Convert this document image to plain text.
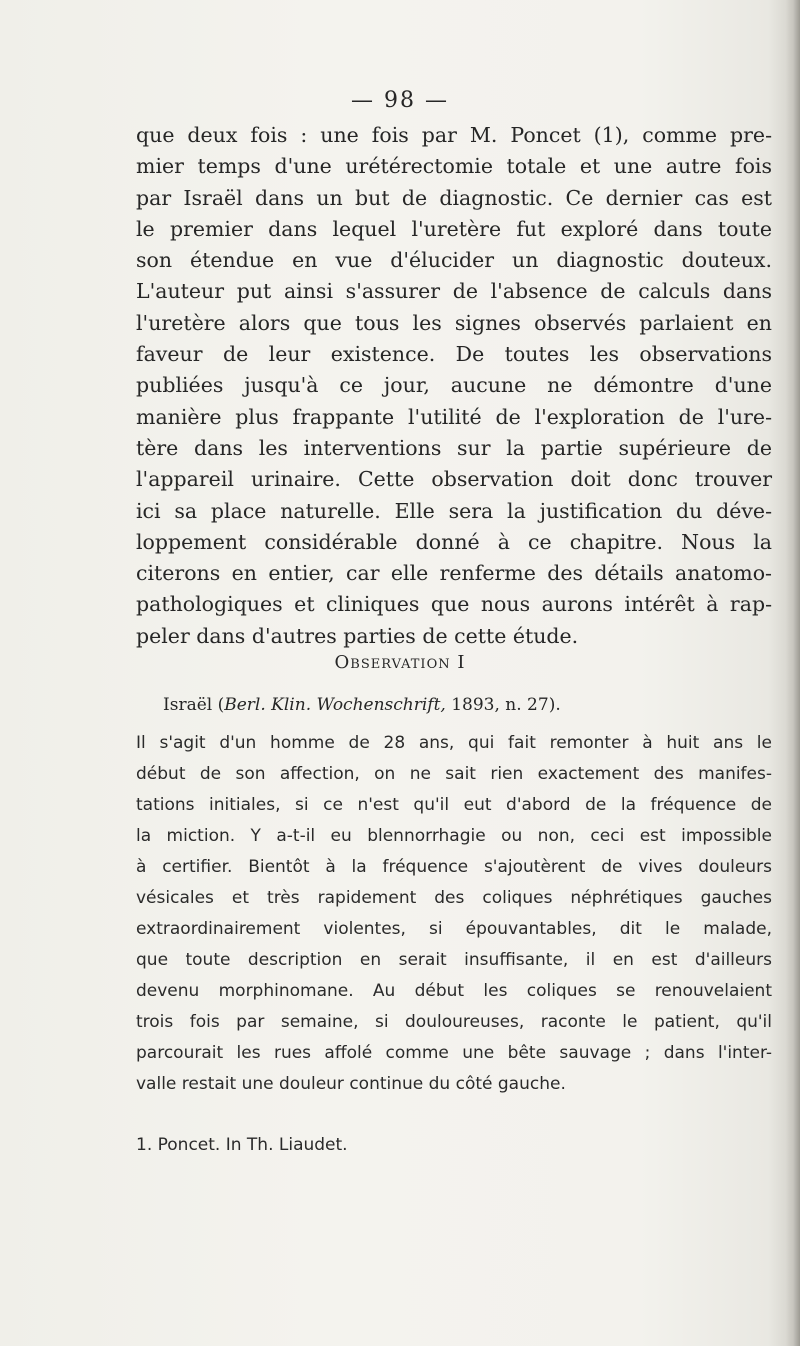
— 98 —
que deux fois : une fois par M. Poncet (1), comme pre-
mier temps d'une urétérectomie totale et une autre fois
par Israël dans un but de diagnostic. Ce dernier cas est
le premier dans lequel l'uretère fut exploré dans toute
son étendue en vue d'élucider un diagnostic douteux.
L'auteur put ainsi s'assurer de l'absence de calculs dans
l'uretère alors que tous les signes observés parlaient en
faveur de leur existence. De toutes les observations
publiées jusqu'à ce jour, aucune ne démontre d'une
manière plus frappante l'utilité de l'exploration de l'ure-
tère dans les interventions sur la partie supérieure de
l'appareil urinaire. Cette observation doit donc trouver
ici sa place naturelle. Elle sera la justification du déve-
loppement considérable donné à ce chapitre. Nous la
citerons en entier, car elle renferme des détails anatomo-
pathologiques et cliniques que nous aurons intérêt à rap-
peler dans d'autres parties de cette étude.
Observation I
Israël (Berl. Klin. Wochenschrift, 1893, n. 27).
Il s'agit d'un homme de 28 ans, qui fait remonter à huit ans le
début de son affection, on ne sait rien exactement des manifes-
tations initiales, si ce n'est qu'il eut d'abord de la fréquence de
la miction. Y a-t-il eu blennorrhagie ou non, ceci est impossible
à certifier. Bientôt à la fréquence s'ajoutèrent de vives douleurs
vésicales et très rapidement des coliques néphrétiques gauches
extraordinairement violentes, si épouvantables, dit le malade,
que toute description en serait insuffisante, il en est d'ailleurs
devenu morphinomane. Au début les coliques se renouvelaient
trois fois par semaine, si douloureuses, raconte le patient, qu'il
parcourait les rues affolé comme une bête sauvage ; dans l'inter-
valle restait une douleur continue du côté gauche.
1. Poncet. In Th. Liaudet.
